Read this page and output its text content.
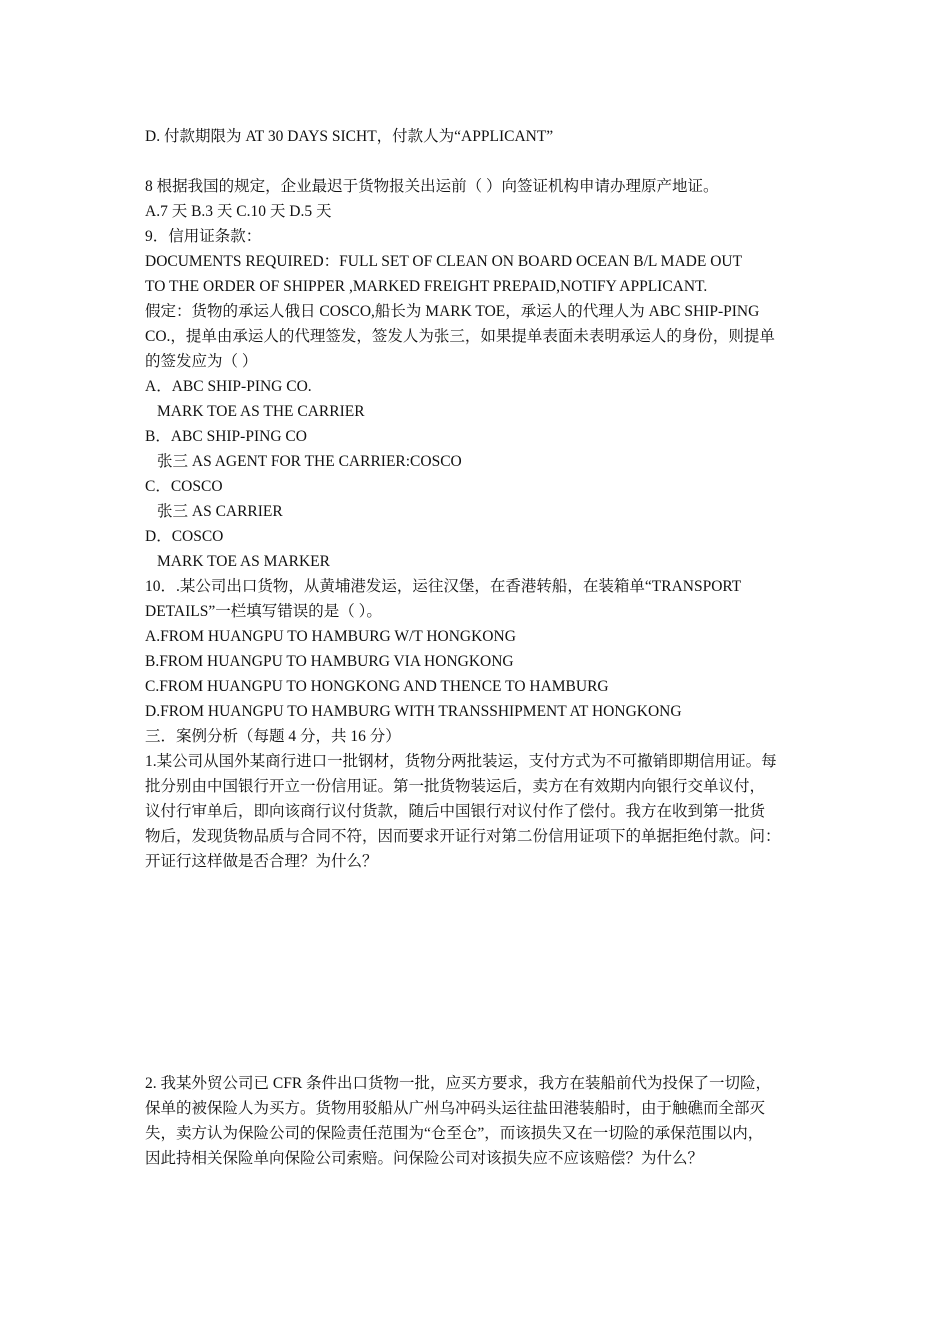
D. 付款期限为 AT 30 DAYS SICHT，付款人为“APPLICANT”
8 根据我国的规定，企业最迟于货物报关出运前（ ）向签证机构申请办理原产地证。
A.7 天 B.3 天 C.10 天 D.5 天
9．信用证条款：
DOCUMENTS REQUIRED：FULL SET OF CLEAN ON BOARD OCEAN B/L MADE OUT
TO THE ORDER OF SHIPPER ,MARKED FREIGHT PREPAID,NOTIFY APPLICANT.
假定：货物的承运人俄日 COSCO,船长为 MARK TOE，承运人的代理人为 ABC SHIP-PING
CO.，提单由承运人的代理签发，签发人为张三，如果提单表面未表明承运人的身份，则提单
的签发应为（ ）
A．ABC SHIP-PING CO.
MARK TOE AS THE CARRIER
B．ABC SHIP-PING CO
张三 AS AGENT FOR THE CARRIER:COSCO
C．COSCO
张三 AS CARRIER
D．COSCO
MARK TOE AS MARKER
10．.某公司出口货物，从黄埔港发运，运往汉堡，在香港转船，在装箱单“TRANSPORT
DETAILS”一栏填写错误的是（ ）。
A.FROM HUANGPU TO HAMBURG W/T HONGKONG
B.FROM HUANGPU TO HAMBURG VIA HONGKONG
C.FROM HUANGPU TO HONGKONG AND THENCE TO HAMBURG
D.FROM HUANGPU TO HAMBURG WITH TRANSSHIPMENT AT HONGKONG
三．案例分析（每题 4 分，共 16 分）
1.某公司从国外某商行进口一批钢材，货物分两批装运，支付方式为不可撤销即期信用证。每
批分别由中国银行开立一份信用证。第一批货物装运后，卖方在有效期内向银行交单议付，
议付行审单后，即向该商行议付货款，随后中国银行对议付作了偿付。我方在收到第一批货
物后，发现货物品质与合同不符，因而要求开证行对第二份信用证项下的单据拒绝付款。问：
开证行这样做是否合理？为什么？
2. 我某外贸公司已 CFR 条件出口货物一批，应买方要求，我方在装船前代为投保了一切险，
保单的被保险人为买方。货物用驳船从广州乌冲码头运往盐田港装船时，由于触礁而全部灭
失，卖方认为保险公司的保险责任范围为“仓至仓”，而该损失又在一切险的承保范围以内，
因此持相关保险单向保险公司索赔。问保险公司对该损失应不应该赔偿？为什么？
